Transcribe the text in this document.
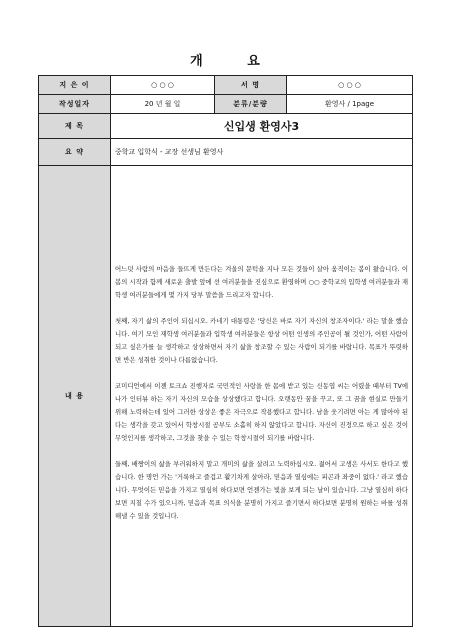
개 요
지 은 이	○ ○ ○	서 명	○ ○ ○
작성일자	20 년 월 일	분류/분량	환영사 / 1page
제 목	신입생 환영사3		
요 약	중학교 입학식 - 교장 선생님 환영사		
내 용	어느덧 사람의 마음을 들뜨게 만든다는 겨울의 문턱을 지나 모든 것들이 살아 움직이는 봄이 왔습니다. 이 봄의 시작과 함께 새로운 출발 앞에 선 여러분들을 진심으로 환영하며 ○○ 중학교의 입학생 여러분들과 재학생 여러분들에게 몇 가지 당부 말씀을 드리고자 합니다.

첫째, 자기 삶의 주인이 되십시오. 카네기 대통령은 '당신은 바로 자기 자신의 창조자이다.' 라는 말을 했습니다. 여기 모인 재학생 여러분들과 입학생 여러분들은 항상 어떤 인생의 주인공이 될 것인가, 어떤 사람이 되고 싶은가를 늘 생각하고 상상하면서 자기 삶을 창조할 수 있는 사람이 되기를 바랍니다. 목표가 뚜렷하면 반은 성취한 것이나 다름없습니다.

코미디언에서 이젠 토크쇼 진행자로 국민적인 사랑을 한 몸에 받고 있는 신동엽 씨는 어렸을 때부터 TV에 나가 인터뷰 하는 자기 자신의 모습을 상상했다고 합니다. 오랫동안 꿈을 꾸고, 또 그 꿈을 현실로 만들기 위해 노력하는데 있어 그러한 상상은 좋은 자극으로 작용했다고 합니다. 남을 웃기려면 아는 게 많아야 된다는 생각을 갖고 있어서 학창시절 공부도 소홀히 하지 않았다고 합니다. 자신이 진정으로 하고 싶은 것이 무엇인지를 생각하고, 그것을 찾을 수 있는 학창시절이 되기를 바랍니다.

둘째, 배짱이의 삶을 부러워하지 말고 개미의 삶을 살려고 노력하십시오. 젊어서 고생은 사서도 한다고 했습니다. 한 명언 가는 '거룩하고 즐겁고 활기차게 살아라, 믿음과 열심에는 피곤과 좌중이 없다.' 라고 했습니다. 무엇이든 믿음을 가지고 열심히 하다보면 언젠가는 빛을 보게 되는 날이 있습니다. 그냥 열심히 하다보면 지칠 수가 있으니까, 믿음과 목표 의식을 분명히 가지고 즐기면서 하다보면 분명히 원하는 바를 성취해낼 수 있을 것입니다.		
